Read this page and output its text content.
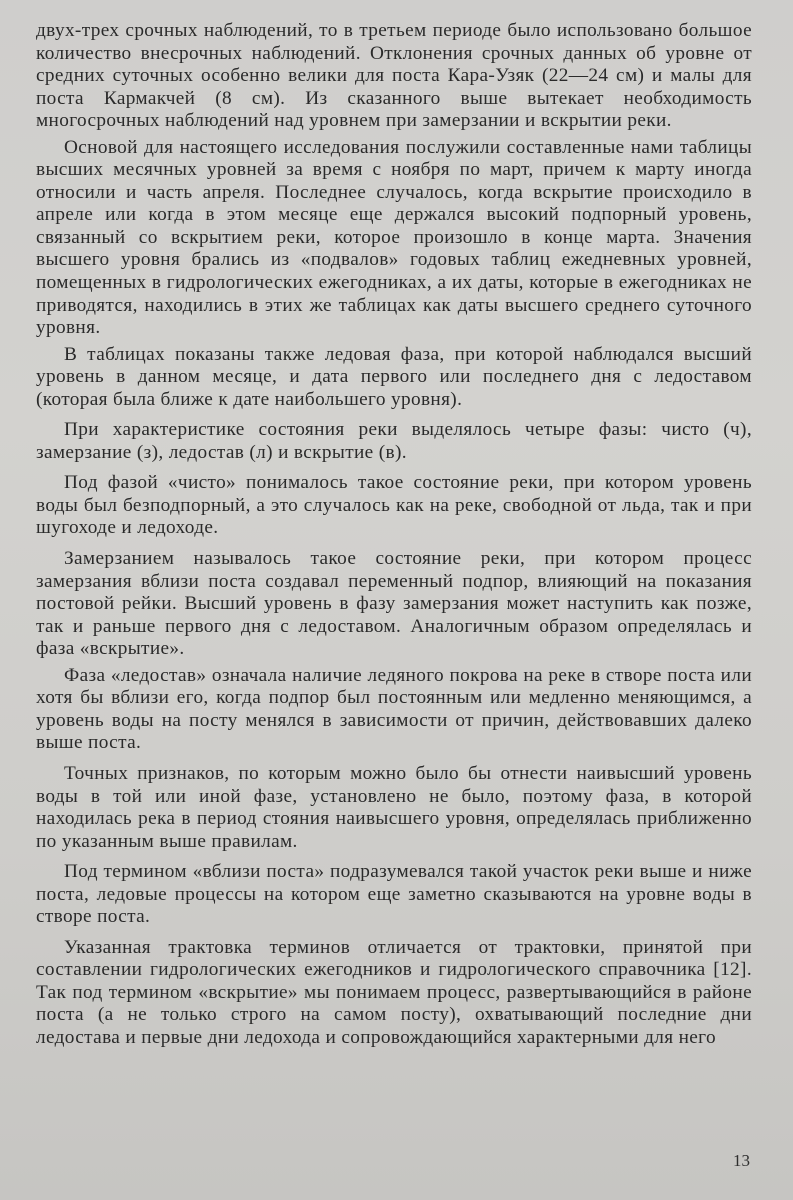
двух-трех срочных наблюдений, то в третьем периоде было использовано большое количество внесрочных наблюдений. Отклонения срочных данных об уровне от средних суточных особенно велики для поста Кара-Узяк (22—24 см) и малы для поста Кармакчей (8 см). Из сказанного выше вытекает необходимость многосрочных наблюдений над уровнем при замерзании и вскрытии реки.

Основой для настоящего исследования послужили составленные нами таблицы высших месячных уровней за время с ноября по март, причем к марту иногда относили и часть апреля. Последнее случалось, когда вскрытие происходило в апреле или когда в этом месяце еще держался высокий подпорный уровень, связанный со вскрытием реки, которое произошло в конце марта. Значения высшего уровня брались из «подвалов» годовых таблиц ежедневных уровней, помещенных в гидрологических ежегодниках, а их даты, которые в ежегодниках не приводятся, находились в этих же таблицах как даты высшего среднего суточного уровня.

В таблицах показаны также ледовая фаза, при которой наблюдался высший уровень в данном месяце, и дата первого или последнего дня с ледоставом (которая была ближе к дате наибольшего уровня).

При характеристике состояния реки выделялось четыре фазы: чисто (ч), замерзание (з), ледостав (л) и вскрытие (в).

Под фазой «чисто» понималось такое состояние реки, при котором уровень воды был безподпорный, а это случалось как на реке, свободной от льда, так и при шугоходе и ледоходе.

Замерзанием называлось такое состояние реки, при котором процесс замерзания вблизи поста создавал переменный подпор, влияющий на показания постовой рейки. Высший уровень в фазу замерзания может наступить как позже, так и раньше первого дня с ледоставом. Аналогичным образом определялась и фаза «вскрытие».

Фаза «ледостав» означала наличие ледяного покрова на реке в створе поста или хотя бы вблизи его, когда подпор был постоянным или медленно меняющимся, а уровень воды на посту менялся в зависимости от причин, действовавших далеко выше поста.

Точных признаков, по которым можно было бы отнести наивысший уровень воды в той или иной фазе, установлено не было, поэтому фаза, в которой находилась река в период стояния наивысшего уровня, определялась приближенно по указанным выше правилам.

Под термином «вблизи поста» подразумевался такой участок реки выше и ниже поста, ледовые процессы на котором еще заметно сказываются на уровне воды в створе поста.

Указанная трактовка терминов отличается от трактовки, принятой при составлении гидрологических ежегодников и гидрологического справочника [12]. Так под термином «вскрытие» мы понимаем процесс, развертывающийся в районе поста (а не только строго на самом посту), охватывающий последние дни ледостава и первые дни ледохода и сопровождающийся характерными для него

13
